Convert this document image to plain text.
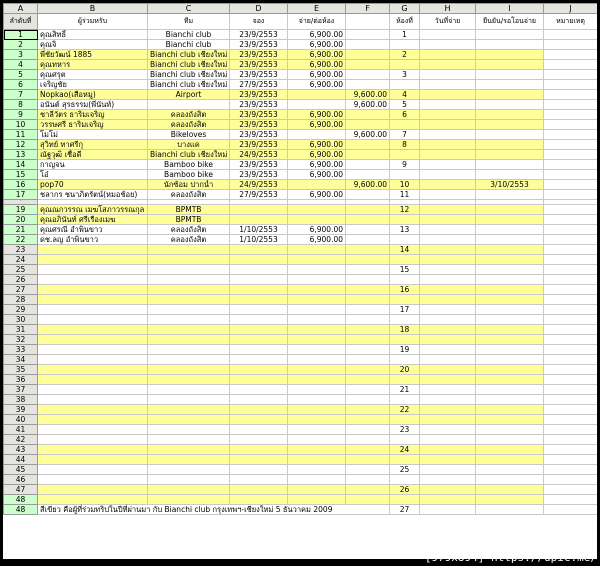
A	B	C	D	E	F	G	H	I	J
ลำดับที่	ผู้ร่วมหรับ	ทีม	จอง	จ่าย/ต่อห้อง		ห้องที่	วันที่จ่าย	ยืนยัน/รอโอนจ่าย	หมายเหตุ
1	คุณสิทธิ์	Bianchi club	23/9/2553	6,900.00		1			
2	คุณจิ	Bianchi club	23/9/2553	6,900.00					
3	พี่ชัยวัฒน์ 1885	Bianchi club เชียงใหม่	23/9/2553	6,900.00		2			
4	คุณทหาร	Bianchi club เชียงใหม่	23/9/2553	6,900.00					
5	คุณศรุต	Bianchi club เชียงใหม่	23/9/2553	6,900.00		3			
6	เจริญชัย	Bianchi club เชียงใหม่	27/9/2553	6,900.00					
7	Nopkao(เสือหมู)	Airport	23/9/2553		9,600.00	4			
8	อนันต์ สุรธรรม(พี่นันท์)		23/9/2553		9,600.00	5			
9	ชาลีวัตร ธาริมเจริญ	คลองถังสิต	23/9/2553	6,900.00		6			
10	วรรษศรี ธาริมเจริญ	คลองถังสิต	23/9/2553	6,900.00					
11	โมโม่	Bikeloves	23/9/2553		9,600.00	7			
12	สุวิทย์ ทาศรีกุ	บางแค	23/9/2553	6,900.00		8			
13	ณัฐวุฒิ เชื้อดี	Bianchi club เชียงใหม่	24/9/2553	6,900.00					
14	กาญจน	Bamboo bike	23/9/2553	6,900.00		9			
15	โอ๋	Bamboo bike	23/9/2553	6,900.00					
16	pop70	นักซ้อม ปากน้ำ	24/9/2553		9,600.00	10		3/10/2553	
17	ชลากร ชนาภิตรัตน์(หมอช้อย)	คลองถังสิต	27/9/2553	6,900.00		11			
18									
19	คุณณกวรรณ เมฆโสภาวรรณกุล	BPMTB				12			
20	คุณอภินันท์ ศรีเรืองเมฆ	BPMTB							
21	คุณศรณี อำพินขาว	คลองถังสิต	1/10/2553	6,900.00		13			
22	ดช.ลญ อำพินขาว	คลองถังสิต	1/10/2553	6,900.00					
23						14			
24									
25						15			
26									
27						16			
28									
29						17			
30									
31						18			
32									
33						19			
34									
35						20			
36									
37						21			
38									
39						22			
40									
41						23			
42									
43						24			
44									
45						25			
46									
47						26			
48									
48	สีเขียว คือผู้ที่ร่วมทริปในปีที่ผ่านมา กับ Bianchi club กรุงเทพฯ-เชียงใหม่ 5 ธันวาคม 2009					27			
[979x894] https://upic.me/
